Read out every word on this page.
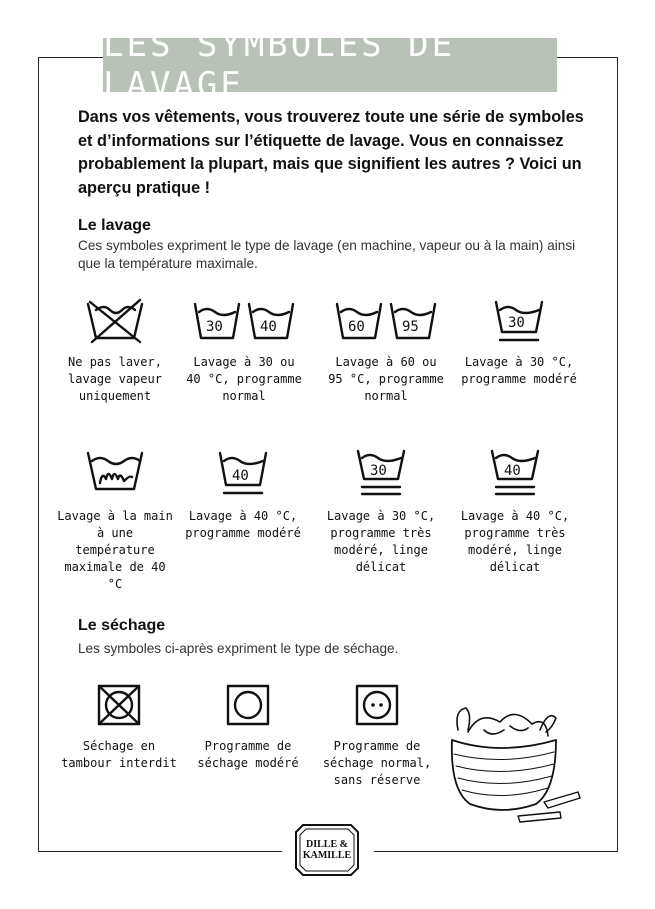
LES SYMBOLES DE LAVAGE

Dans vos vêtements, vous trouverez toute une série de symboles et d’informations sur l’étiquette de lavage. Vous en connaissez probablement la plupart, mais que signifient les autres ? Voici un aperçu pratique !

Le lavage
Ces symboles expriment le type de lavage (en machine, vapeur ou à la main) ainsi que la température maximale.
Ne pas laver, lavage vapeur uniquement
30	40
Lavage à 30 ou 40 °C, programme normal
60	95
Lavage à 60 ou 95 °C, programme normal
30
Lavage à 30 °C, programme modéré
Lavage à la main à une température maximale de 40 °C
40
Lavage à 40 °C, programme modéré
30
Lavage à 30 °C, programme très modéré, linge délicat
40
Lavage à 40 °C, programme très modéré, linge délicat
Le séchage
Les symboles ci-après expriment le type de séchage.
Séchage en tambour interdit
Programme de séchage modéré
Programme de séchage normal, sans réserve
DILLE &
KAMILLE
